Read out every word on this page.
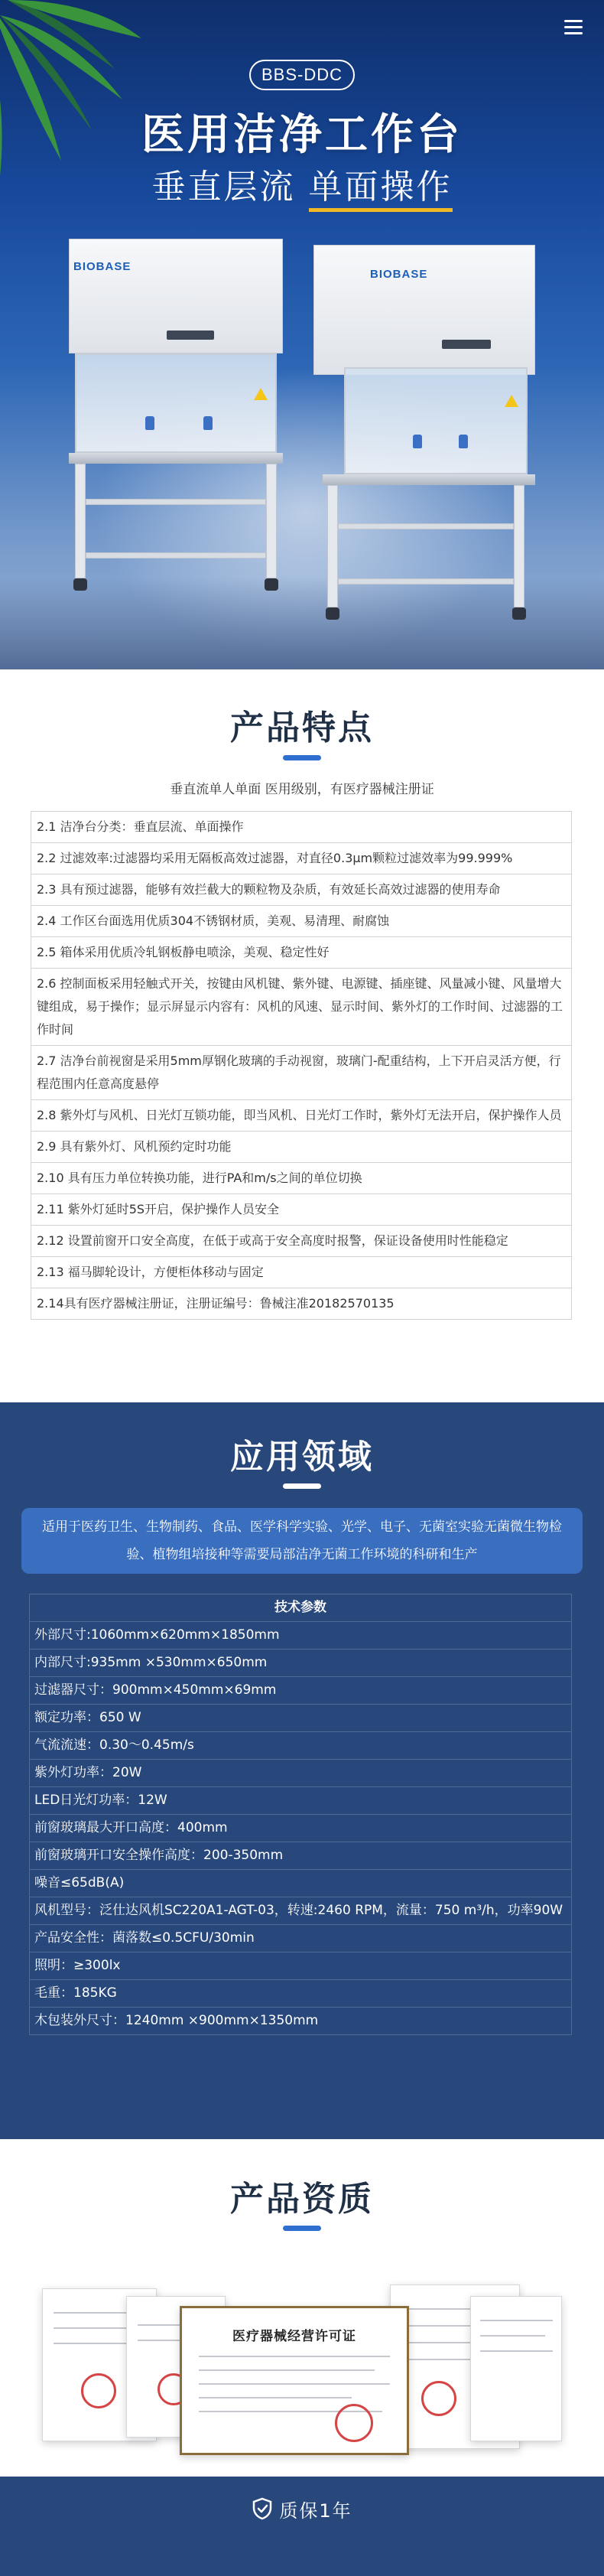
BBS-DDC
医用洁净工作台
垂直层流 单面操作
BIOBASE
BIOBASE
产品特点
垂直流单人单面 医用级别，有医疗器械注册证
2.1 洁净台分类：垂直层流、单面操作
2.2 过滤效率:过滤器均采用无隔板高效过滤器，对直径0.3μm颗粒过滤效率为99.999%
2.3 具有预过滤器，能够有效拦截大的颗粒物及杂质，有效延长高效过滤器的使用寿命
2.4 工作区台面选用优质304不锈钢材质，美观、易清理、耐腐蚀
2.5 箱体采用优质冷轧钢板静电喷涂，美观、稳定性好
2.6 控制面板采用轻触式开关，按键由风机键、紫外键、电源键、插座键、风量减小键、风量增大键组成，易于操作；显示屏显示内容有：风机的风速、显示时间、紫外灯的工作时间、过滤器的工作时间
2.7 洁净台前视窗是采用5mm厚钢化玻璃的手动视窗，玻璃门-配重结构，上下开启灵活方便，行程范围内任意高度悬停
2.8 紫外灯与风机、日光灯互锁功能，即当风机、日光灯工作时，紫外灯无法开启，保护操作人员
2.9 具有紫外灯、风机预约定时功能
2.10 具有压力单位转换功能，进行PA和m/s之间的单位切换
2.11 紫外灯延时5S开启，保护操作人员安全
2.12 设置前窗开口安全高度，在低于或高于安全高度时报警，保证设备使用时性能稳定
2.13 福马脚轮设计，方便柜体移动与固定
2.14具有医疗器械注册证，注册证编号：鲁械注准20182570135
应用领域
适用于医药卫生、生物制药、食品、医学科学实验、光学、电子、无菌室实验无菌微生物检验、植物组培接种等需要局部洁净无菌工作环境的科研和生产
技术参数
外部尺寸:1060mm×620mm×1850mm
内部尺寸:935mm ×530mm×650mm
过滤器尺寸：900mm×450mm×69mm
额定功率：650 W
气流流速：0.30～0.45m/s
紫外灯功率：20W
LED日光灯功率：12W
前窗玻璃最大开口高度：400mm
前窗玻璃开口安全操作高度：200-350mm
噪音≤65dB(A)
风机型号：泛仕达风机SC220A1-AGT-03，转速:2460 RPM，流量：750 m³/h，功率90W
产品安全性：菌落数≤0.5CFU/30min
照明：≥300lx
毛重：185KG
木包装外尺寸：1240mm ×900mm×1350mm
产品资质
医疗器械经营许可证
质保1年
